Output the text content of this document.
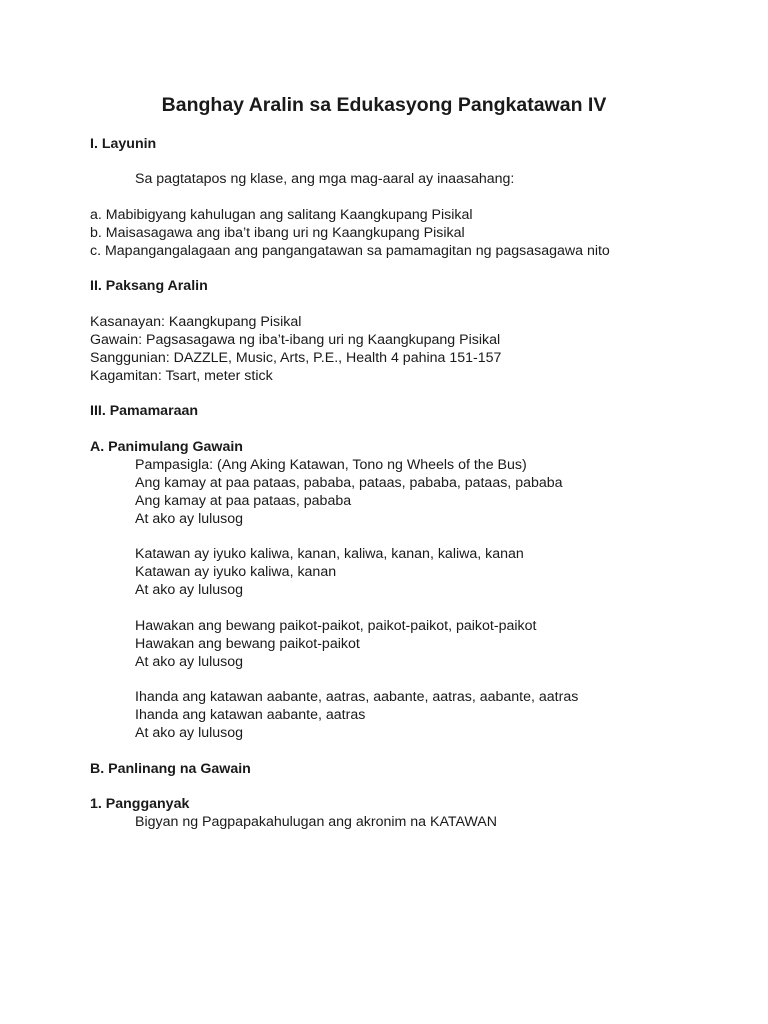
Banghay Aralin sa Edukasyong Pangkatawan IV
I. Layunin
Sa pagtatapos ng klase, ang mga mag-aaral ay inaasahang:
a. Mabibigyang kahulugan ang salitang Kaangkupang Pisikal
b. Maisasagawa ang iba’t ibang uri ng Kaangkupang Pisikal
c. Mapangangalagaan ang pangangatawan sa pamamagitan ng pagsasagawa nito
II. Paksang Aralin
Kasanayan: Kaangkupang Pisikal
Gawain: Pagsasagawa ng iba’t-ibang uri ng Kaangkupang Pisikal
Sanggunian: DAZZLE, Music, Arts, P.E., Health 4 pahina 151-157
Kagamitan: Tsart, meter stick
III. Pamamaraan
A. Panimulang Gawain
Pampasigla: (Ang Aking Katawan, Tono ng Wheels of the Bus)
Ang kamay at paa pataas, pababa, pataas, pababa, pataas, pababa
Ang kamay at paa pataas, pababa
At ako ay lulusog
Katawan ay iyuko kaliwa, kanan, kaliwa, kanan, kaliwa, kanan
Katawan ay iyuko kaliwa, kanan
At ako ay lulusog
Hawakan ang bewang paikot-paikot, paikot-paikot, paikot-paikot
Hawakan ang bewang paikot-paikot
At ako ay lulusog
Ihanda ang katawan aabante, aatras, aabante, aatras, aabante, aatras
Ihanda ang katawan aabante, aatras
At ako ay lulusog
B. Panlinang na Gawain
1. Pangganyak
Bigyan ng Pagpapakahulugan ang akronim na KATAWAN
